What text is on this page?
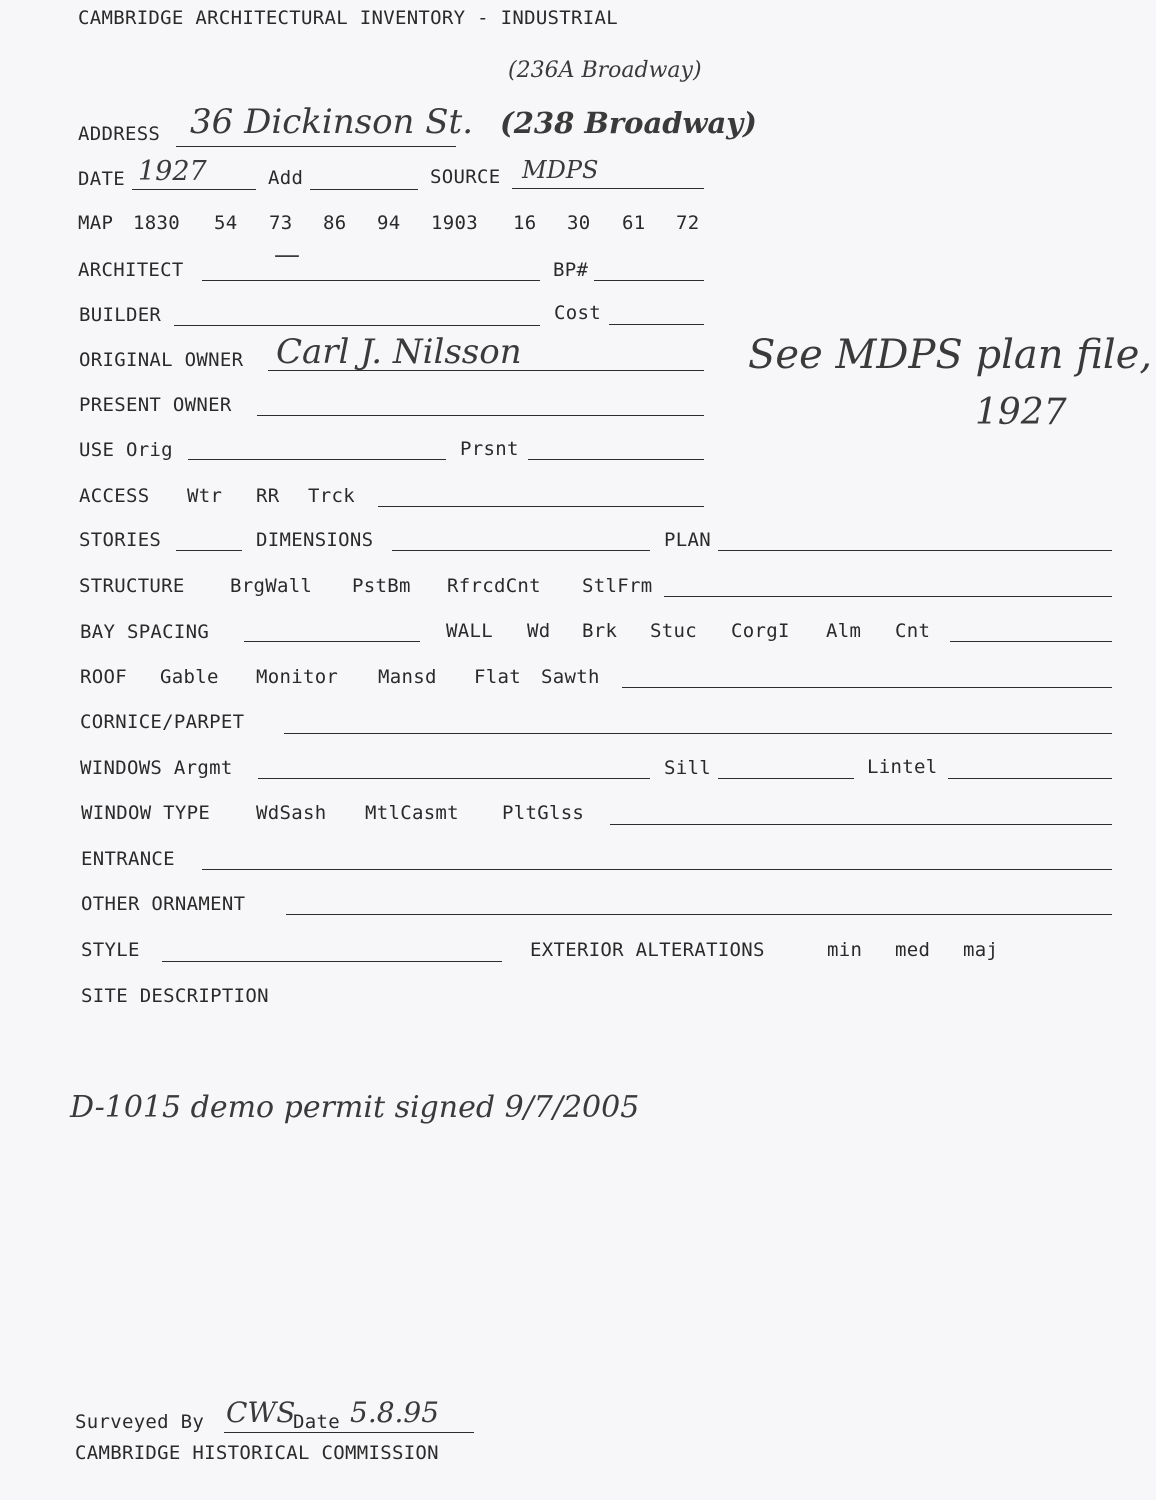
CAMBRIDGE ARCHITECTURAL INVENTORY - INDUSTRIAL
(236A Broadway)
ADDRESS 36 Dickinson St. (238 Broadway)
DATE 1927	Add	SOURCE MDPS
MAP 1830 54 73 86 94 1903 16 30 61 72
ARCHITECT	—	BP#
BUILDER	Cost
ORIGINAL OWNER Carl J. Nilsson	See MDPS plan file,
1927
PRESENT OWNER
USE Orig	Prsnt
ACCESS Wtr RR Trck
STORIES	DIMENSIONS	PLAN
STRUCTURE BrgWall PstBm RfrcdCnt StlFrm
BAY SPACING	WALL Wd Brk Stuc CorgI Alm Cnt
ROOF Gable Monitor Mansd Flat Sawth
CORNICE/PARPET
WINDOWS Argmt	Sill	Lintel
WINDOW TYPE WdSash MtlCasmt PltGlss
ENTRANCE
OTHER ORNAMENT
STYLE	EXTERIOR ALTERATIONS	min med maj
SITE DESCRIPTION
D-1015 demo permit signed 9/7/2005
Surveyed By CWS
Date 5.8.95
CAMBRIDGE HISTORICAL COMMISSION
